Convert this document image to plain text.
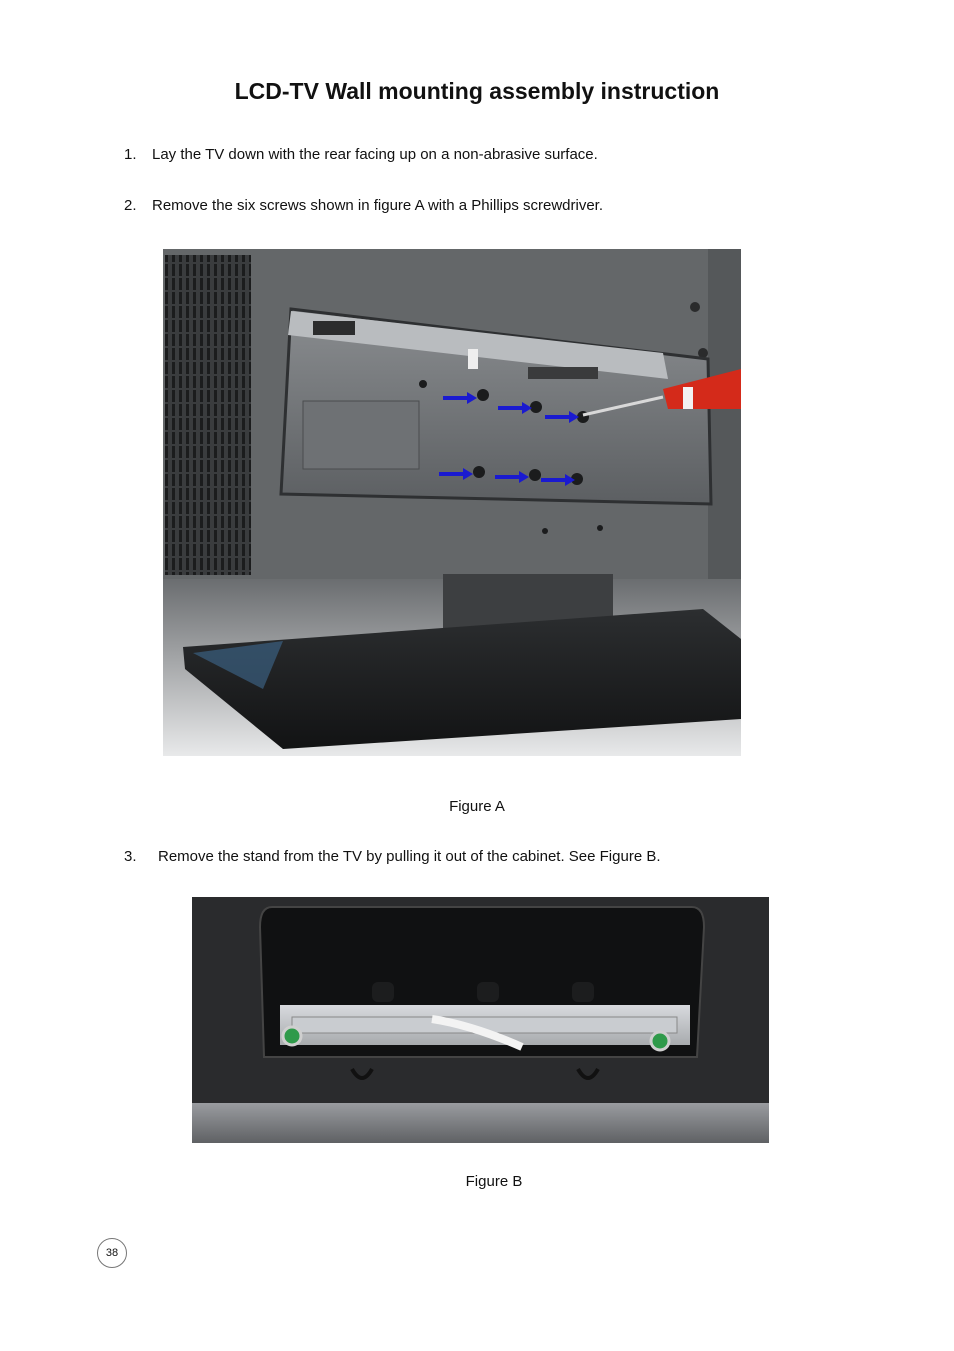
LCD-TV Wall mounting assembly instruction
1. Lay the TV down with the rear facing up on a non-abrasive surface.
2. Remove the six screws shown in figure A with a Phillips screwdriver.
Figure A
3. Remove the stand from the TV by pulling it out of the cabinet. See Figure B.
Figure B
38
